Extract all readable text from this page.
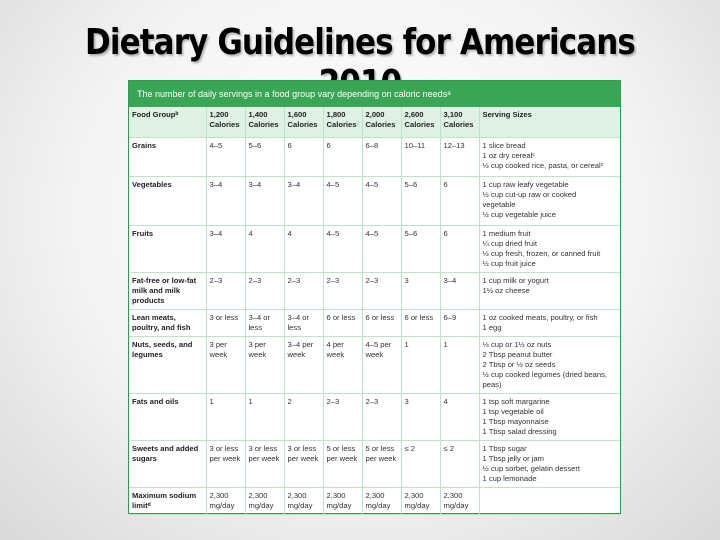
Dietary Guidelines for Americans
The number of daily servings in a food group vary depending on caloric needsᵃ
Food Groupᵇ	1,200 Calories	1,400 Calories	1,600 Calories	1,800 Calories	2,000 Calories	2,600 Calories	3,100 Calories	Serving Sizes
Grains	4–5	5–6	6	6	6–8	10–11	12–13	1 slice bread
1 oz dry cerealᶜ
½ cup cooked rice, pasta, or cerealᶜ

Vegetables	3–4	3–4	3–4	4–5	4–5	5–6	6	1 cup raw leafy vegetable
½ cup cut-up raw or cooked
vegetable
½ cup vegetable juice

Fruits	3–4	4	4	4–5	4–5	5–6	6	1 medium fruit
¼ cup dried fruit
½ cup fresh, frozen, or canned fruit
½ cup fruit juice

Fat-free or low-fat milk and milk products	2–3	2–3	2–3	2–3	2–3	3	3–4	1 cup milk or yogurt
1½ oz cheese

Lean meats, poultry, and fish	3 or less	3–4 or less	3–4 or less	6 or less	6 or less	6 or less	6–9	1 oz cooked meats, poultry, or fish
1 egg

Nuts, seeds, and legumes	3 per week	3 per week	3–4 per week	4 per week	4–5 per week	1	1	⅓ cup or 1½ oz nuts
2 Tbsp peanut butter
2 Tbsp or ½ oz seeds
½ cup cooked legumes (dried beans,
peas)

Fats and oils	1	1	2	2–3	2–3	3	4	1 tsp soft margarine
1 tsp vegetable oil
1 Tbsp mayonnaise
1 Tbsp salad dressing

Sweets and added sugars	3 or less per week	3 or less per week	3 or less per week	5 or less per week	5 or less per week	≤ 2	≤ 2	1 Tbsp sugar
1 Tbsp jelly or jam
½ cup sorbet, gelatin dessert
1 cup lemonade

Maximum sodium limitᵈ	2,300 mg/day	2,300 mg/day	2,300 mg/day	2,300 mg/day	2,300 mg/day	2,300 mg/day	2,300 mg/day	
